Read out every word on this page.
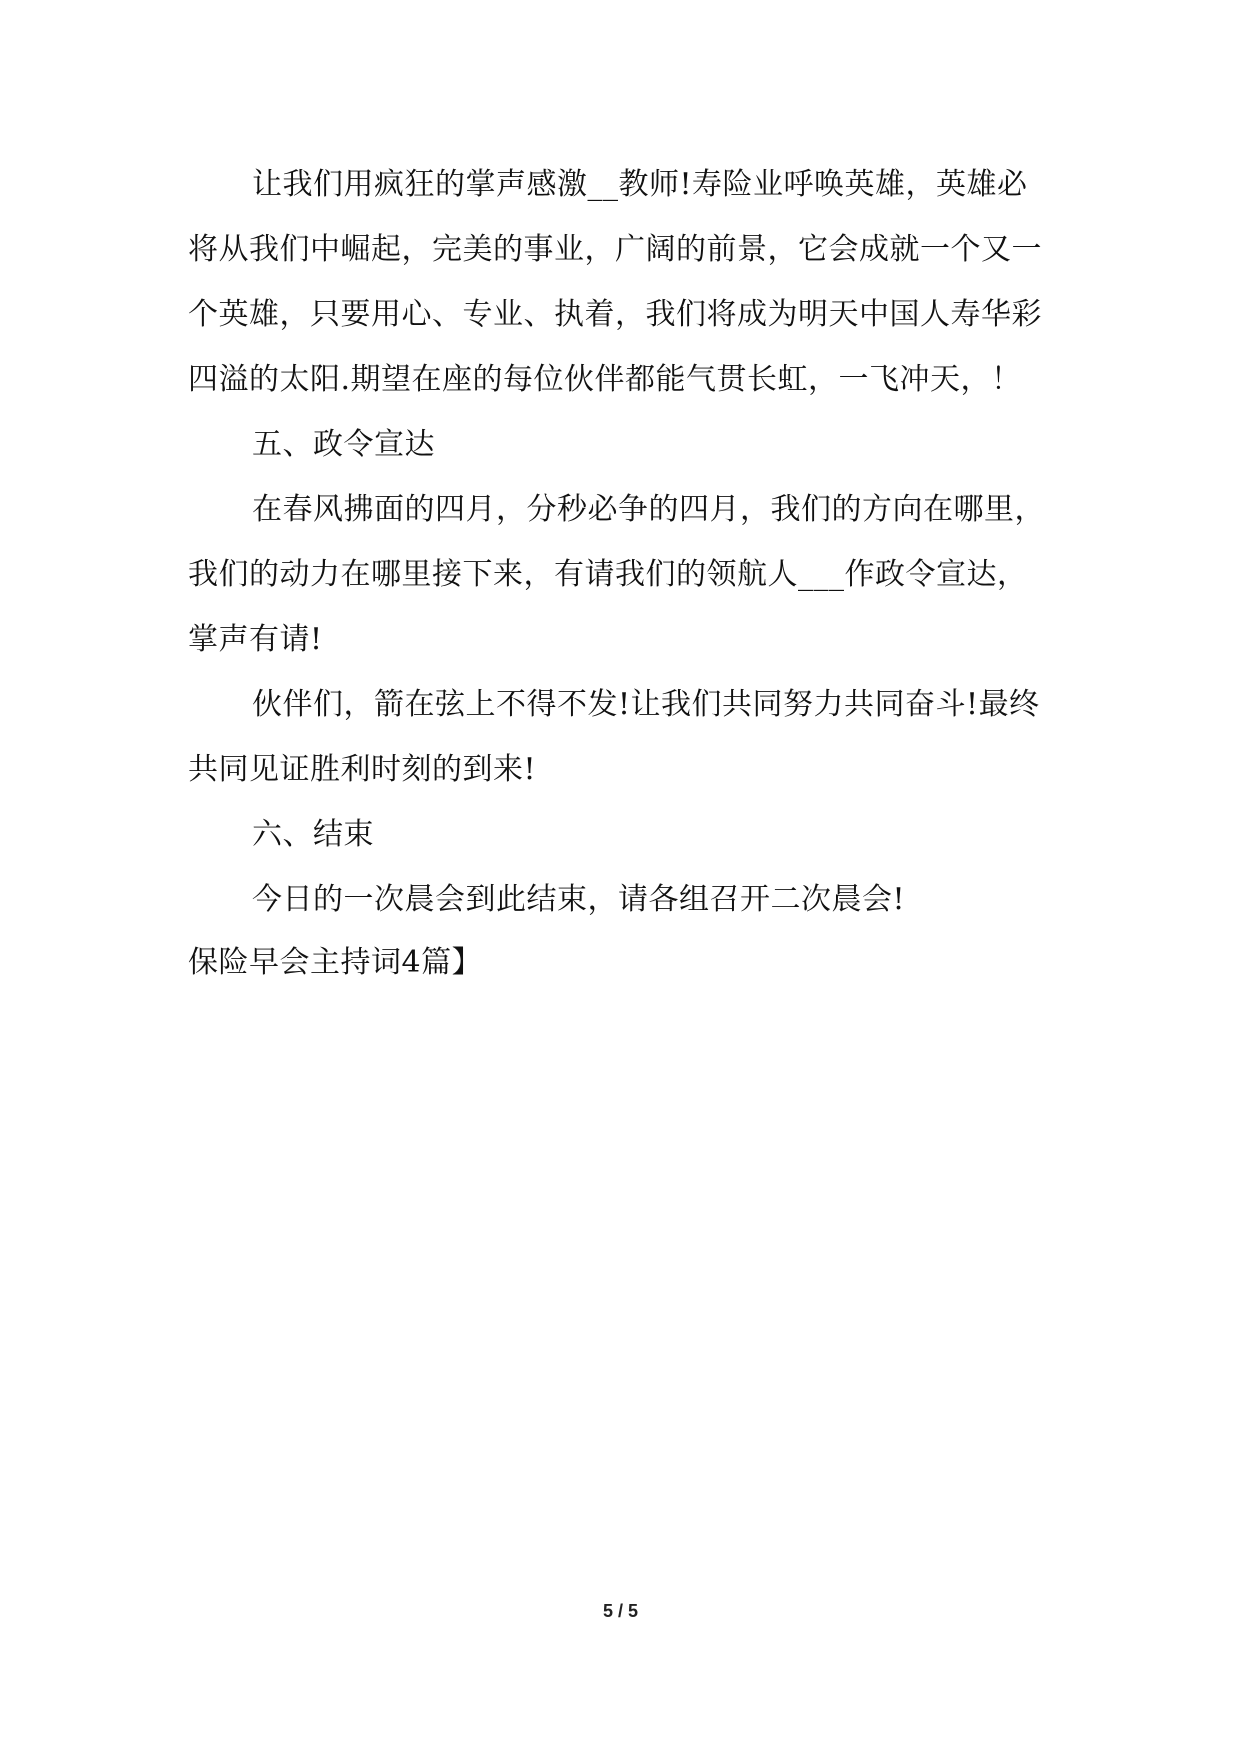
让我们用疯狂的掌声感激__教师!寿险业呼唤英雄，英雄必
将从我们中崛起，完美的事业，广阔的前景，它会成就一个又一
个英雄，只要用心、专业、执着，我们将成为明天中国人寿华彩
四溢的太阳.期望在座的每位伙伴都能气贯长虹，一飞冲天，！
五、政令宣达
在春风拂面的四月，分秒必争的四月，我们的方向在哪里，
我们的动力在哪里接下来，有请我们的领航人___作政令宣达，
掌声有请!
伙伴们，箭在弦上不得不发!让我们共同努力共同奋斗!最终
共同见证胜利时刻的到来!
六、结束
今日的一次晨会到此结束，请各组召开二次晨会!
保险早会主持词4篇】
5 / 5
